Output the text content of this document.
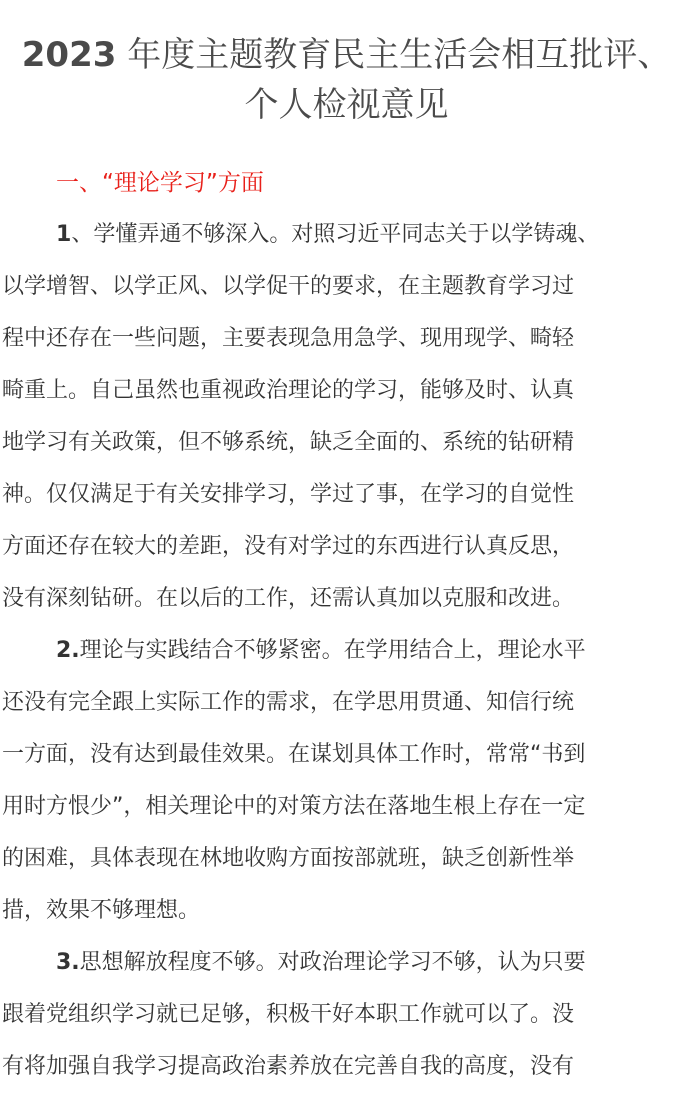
2023 年度主题教育民主生活会相互批评、
个人检视意见
一、“理论学习”方面
1、学懂弄通不够深入。对照习近平同志关于以学铸魂、
以学增智、以学正风、以学促干的要求，在主题教育学习过
程中还存在一些问题，主要表现急用急学、现用现学、畸轻
畸重上。自己虽然也重视政治理论的学习，能够及时、认真
地学习有关政策，但不够系统，缺乏全面的、系统的钻研精
神。仅仅满足于有关安排学习，学过了事，在学习的自觉性
方面还存在较大的差距，没有对学过的东西进行认真反思，
没有深刻钻研。在以后的工作，还需认真加以克服和改进。
2.理论与实践结合不够紧密。在学用结合上，理论水平
还没有完全跟上实际工作的需求，在学思用贯通、知信行统
一方面，没有达到最佳效果。在谋划具体工作时，常常“书到
用时方恨少”，相关理论中的对策方法在落地生根上存在一定
的困难，具体表现在林地收购方面按部就班，缺乏创新性举
措，效果不够理想。
3.思想解放程度不够。对政治理论学习不够，认为只要
跟着党组织学习就已足够，积极干好本职工作就可以了。没
有将加强自我学习提高政治素养放在完善自我的高度，没有
